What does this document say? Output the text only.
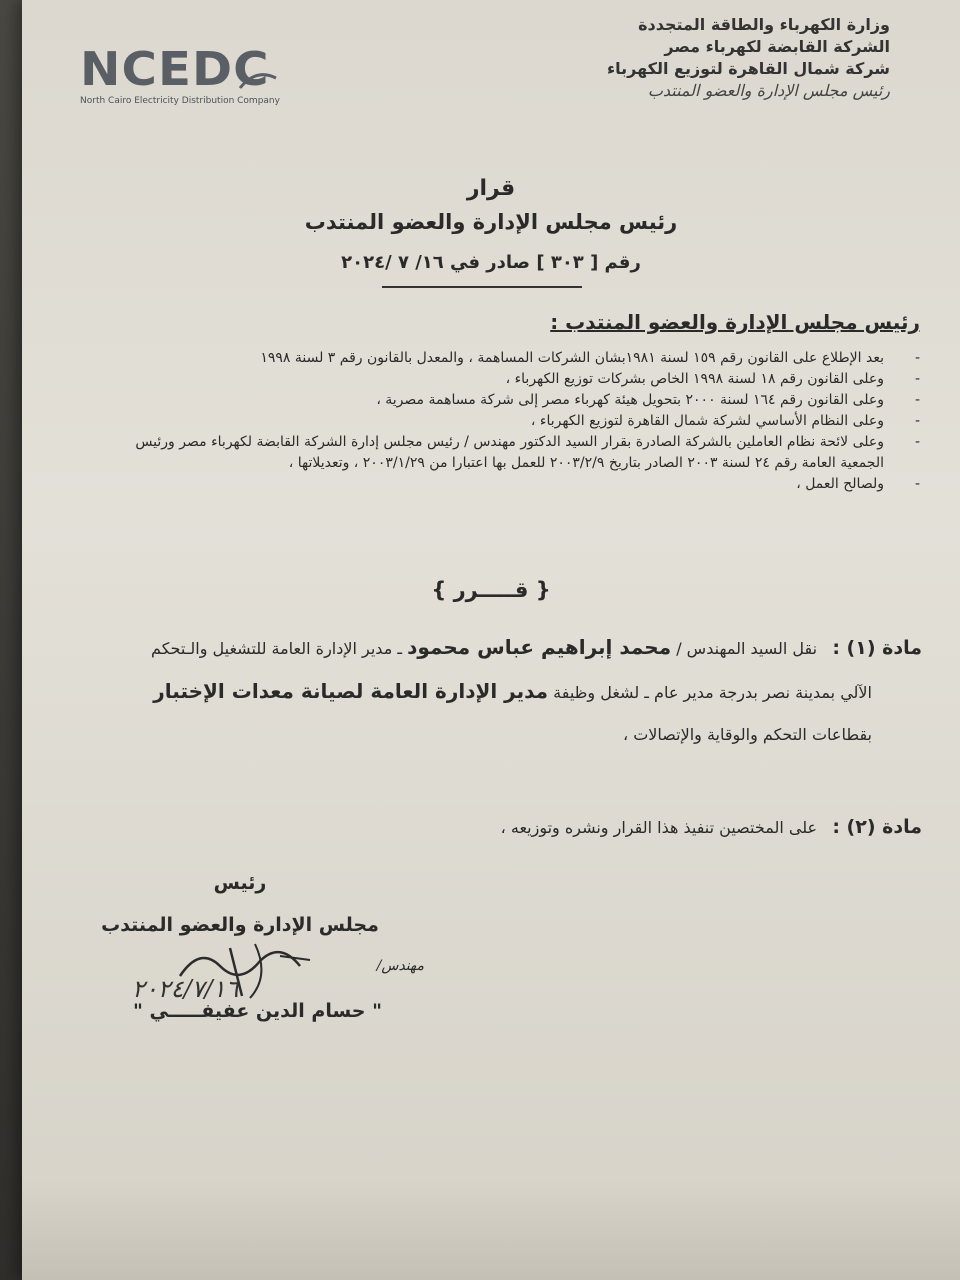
NCEDC
North Cairo Electricity Distribution Company
وزارة الكهرباء والطاقة المتجددة
الشركة القابضة لكهرباء مصر
شركة شمال القاهرة لتوزيع الكهرباء
رئيس مجلس الإدارة والعضو المنتدب
قرار
رئيس مجلس الإدارة والعضو المنتدب
رقم [ ٣٠٣ ] صادر في ١٦/ ٧ /٢٠٢٤
رئيس مجلس الإدارة والعضو المنتدب :
-
بعد الإطلاع على القانون رقم ١٥٩ لسنة ١٩٨١بشان الشركات المساهمة ، والمعدل بالقانون رقم ٣ لسنة ١٩٩٨
-
وعلى القانون رقم ١٨ لسنة ١٩٩٨ الخاص بشركات توزيع الكهرباء ،
-
وعلى القانون رقم ١٦٤ لسنة ٢٠٠٠ بتحويل هيئة كهرباء مصر إلى شركة مساهمة مصرية ،
-
وعلى النظام الأساسي لشركة شمال القاهرة لتوزيع الكهرباء ،
-
وعلى لائحة نظام العاملين بالشركة الصادرة بقرار السيد الدكتور مهندس / رئيس مجلس إدارة الشركة القابضة لكهرباء مصر ورئيس الجمعية العامة رقم ٢٤ لسنة ٢٠٠٣ الصادر بتاريخ ٢٠٠٣/٢/٩ للعمل بها اعتبارا من ٢٠٠٣/١/٢٩ ، وتعديلاتها ،
-
ولصالح العمل ،
{ قـــــرر }
مادة (١) :   نقل السيد المهندس / محمد إبراهيم عباس محمود ـ مدير الإدارة العامة للتشغيل والـتحكم
الآلي بمدينة نصر بدرجة مدير عام ـ لشغل وظيفة مدير الإدارة العامة لصيانة معدات الإختبار
بقطاعات التحكم والوقاية والإتصالات ،
مادة (٢) :   على المختصين تنفيذ هذا القرار ونشره وتوزيعه ،
رئيس
مجلس الإدارة والعضو المنتدب
مهندس/
٢٠٢٤/٧/١٦
" حسام الدين عفيفـــــي "
